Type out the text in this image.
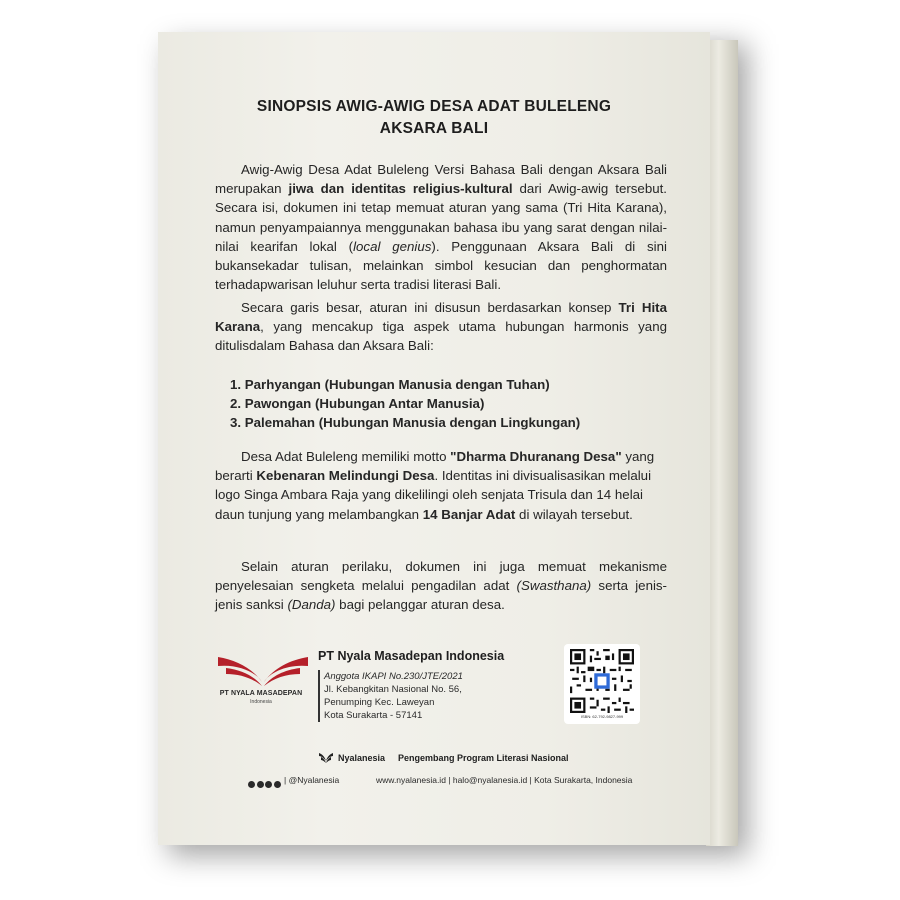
SINOPSIS AWIG-AWIG DESA ADAT BULELENG
AKSARA BALI
Awig-Awig Desa Adat Buleleng Versi Bahasa Bali dengan Aksara Bali merupakan jiwa dan identitas religius-kultural dari Awig-awig tersebut. Secara isi, dokumen ini tetap memuat aturan yang sama (Tri Hita Karana), namun penyampaiannya menggunakan bahasa ibu yang sarat dengan nilai-nilai kearifan lokal (local genius). Penggunaan Aksara Bali di sini bukansekadar tulisan, melainkan simbol kesucian dan penghormatan terhadapwarisan leluhur serta tradisi literasi Bali.
Secara garis besar, aturan ini disusun berdasarkan konsep Tri Hita Karana, yang mencakup tiga aspek utama hubungan harmonis yang ditulisdalam Bahasa dan Aksara Bali:
1. Parhyangan (Hubungan Manusia dengan Tuhan)
2. Pawongan (Hubungan Antar Manusia)
3. Palemahan (Hubungan Manusia dengan Lingkungan)
Desa Adat Buleleng memiliki motto "Dharma Dhuranang Desa" yang berarti Kebenaran Melindungi Desa. Identitas ini divisualisasikan melalui logo Singa Ambara Raja yang dikelilingi oleh senjata Trisula dan 14 helai daun tunjung yang melambangkan 14 Banjar Adat di wilayah tersebut.
Selain aturan perilaku, dokumen ini juga memuat mekanisme penyelesaian sengketa melalui pengadilan adat (Swasthana) serta jenis-jenis sanksi (Danda) bagi pelanggar aturan desa.
PT NYALA MASADEPAN
Indonesia
PT Nyala Masadepan Indonesia
Anggota IKAPI No.230/JTE/2021
Jl. Kebangkitan Nasional No. 56,
Penumping Kec. Laweyan
Kota Surakarta - 57141	ISBN: 62-792-9827-999
Nyalanesia Pengembang Program Literasi Nasional
| @Nyalanesia	www.nyalanesia.id | halo@nyalanesia.id | Kota Surakarta, Indonesia
